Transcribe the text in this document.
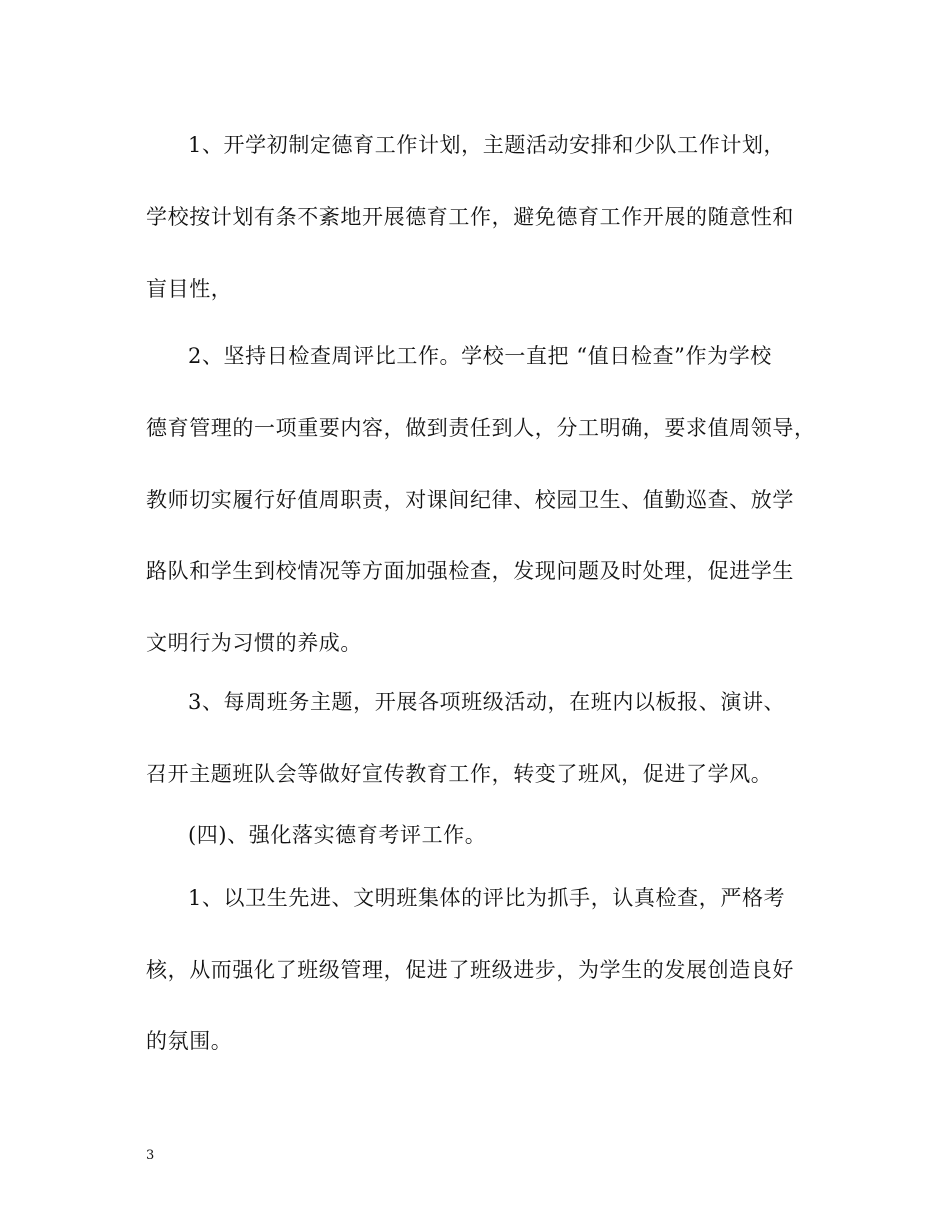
1、开学初制定德育工作计划，主题活动安排和少队工作计划，
学校按计划有条不紊地开展德育工作，避免德育工作开展的随意性和
盲目性，
2、坚持日检查周评比工作。学校一直把 “值日检查”作为学校
德育管理的一项重要内容，做到责任到人，分工明确，要求值周领导，
教师切实履行好值周职责，对课间纪律、校园卫生、值勤巡查、放学
路队和学生到校情况等方面加强检查，发现问题及时处理，促进学生
文明行为习惯的养成。
3、每周班务主题，开展各项班级活动，在班内以板报、演讲、
召开主题班队会等做好宣传教育工作，转变了班风，促进了学风。
(四)、强化落实德育考评工作。
1、以卫生先进、文明班集体的评比为抓手，认真检查，严格考
核，从而强化了班级管理，促进了班级进步，为学生的发展创造良好
的氛围。
3
